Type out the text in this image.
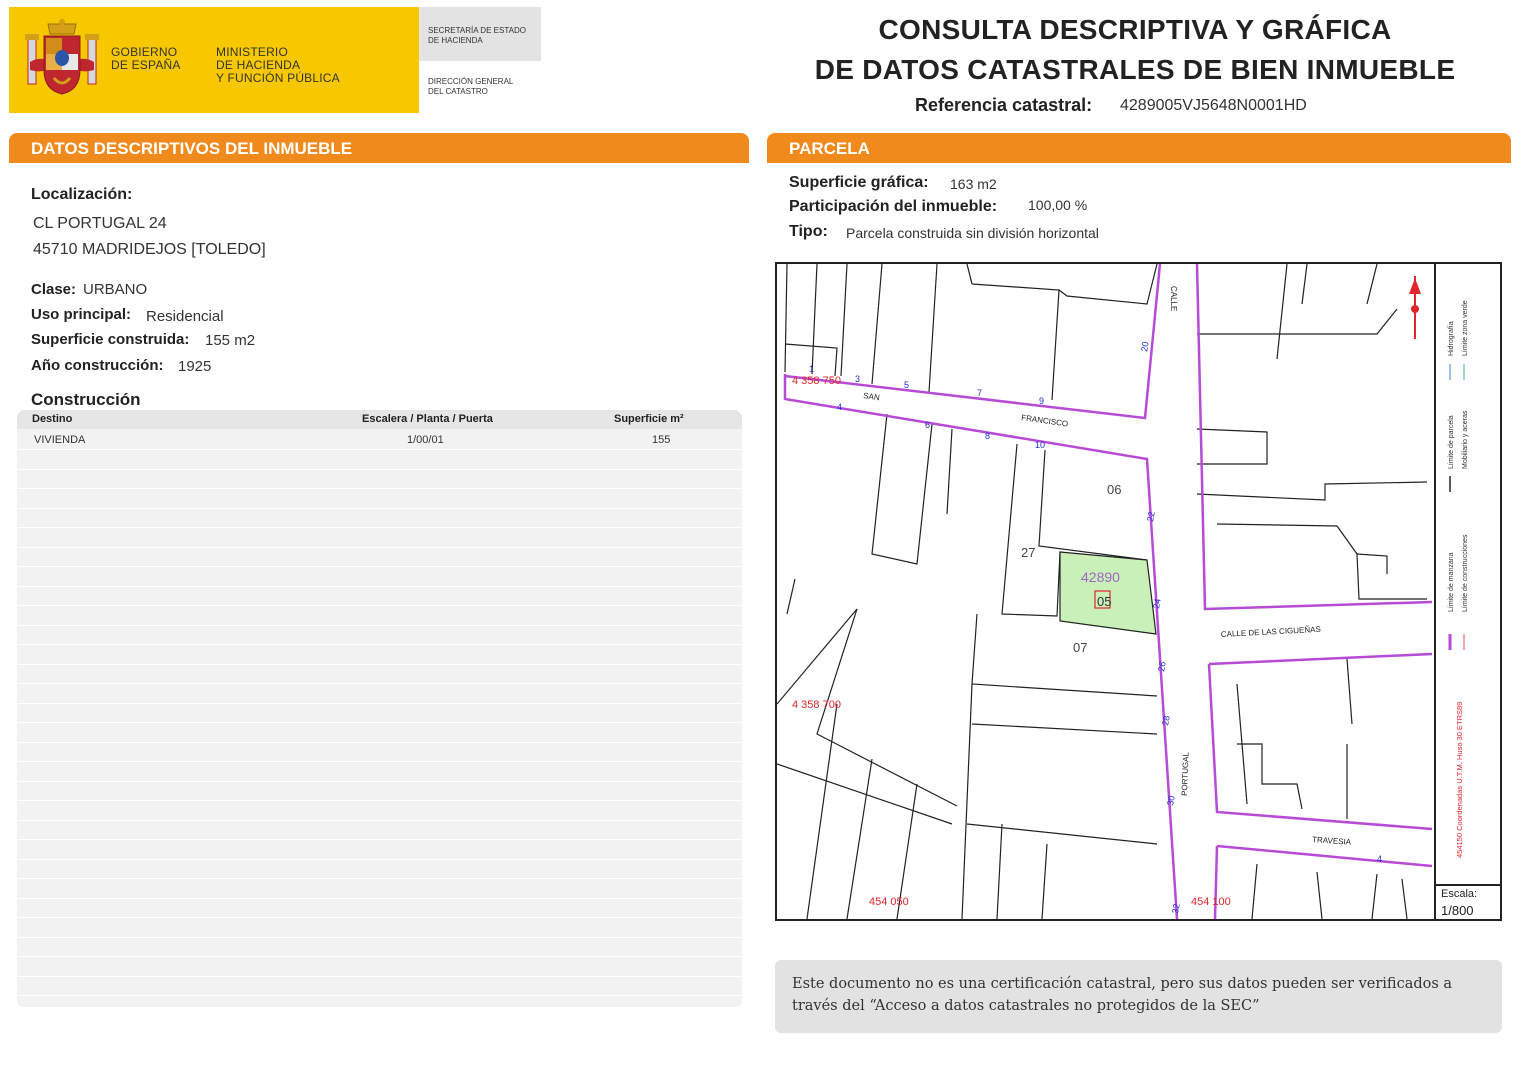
GOBIERNO
DE ESPAÑA
MINISTERIO
DE HACIENDA
Y FUNCIÓN PÚBLICA
SECRETARÍA DE ESTADO
DE HACIENDA
DIRECCIÓN GENERAL
DEL CATASTRO
CONSULTA DESCRIPTIVA Y GRÁFICA
DE DATOS CATASTRALES DE BIEN INMUEBLE
Referencia catastral: 4289005VJ5648N0001HD
DATOS DESCRIPTIVOS DEL INMUEBLE
Localización:
CL PORTUGAL 24
45710 MADRIDEJOS [TOLEDO]
Clase: URBANO
Uso principal: Residencial
Superficie construida: 155 m2
Año construcción: 1925
Construcción
Destino	Escalera / Planta / Puerta	Superficie m²
VIVIENDA	1/00/01	155
PARCELA
Superficie gráfica: 163 m2
Participación del inmueble: 100,00 %
Tipo: Parcela construida sin división horizontal
06
27
07
42890
05
4 358 750
4 358 700
454 050	454 100
CALLE
SAN
FRANCISCO
CALLE DE LAS CIGUEÑAS
PORTUGAL
TRAVESIA
1
3
5
7
9
4
6
8
10
20
22
24
26
28
30
4
32
Límite de manzana Límite de construcciones
Límite de parcela Mobiliario y aceras
Hidrografía Límite zona verde
454150 Coordenadas U.T.M. Huso 30 ETRS89
Escala:
1/800
Este documento no es una certificación catastral, pero sus datos pueden ser verificados a través del “Acceso a datos catastrales no protegidos de la SEC”
